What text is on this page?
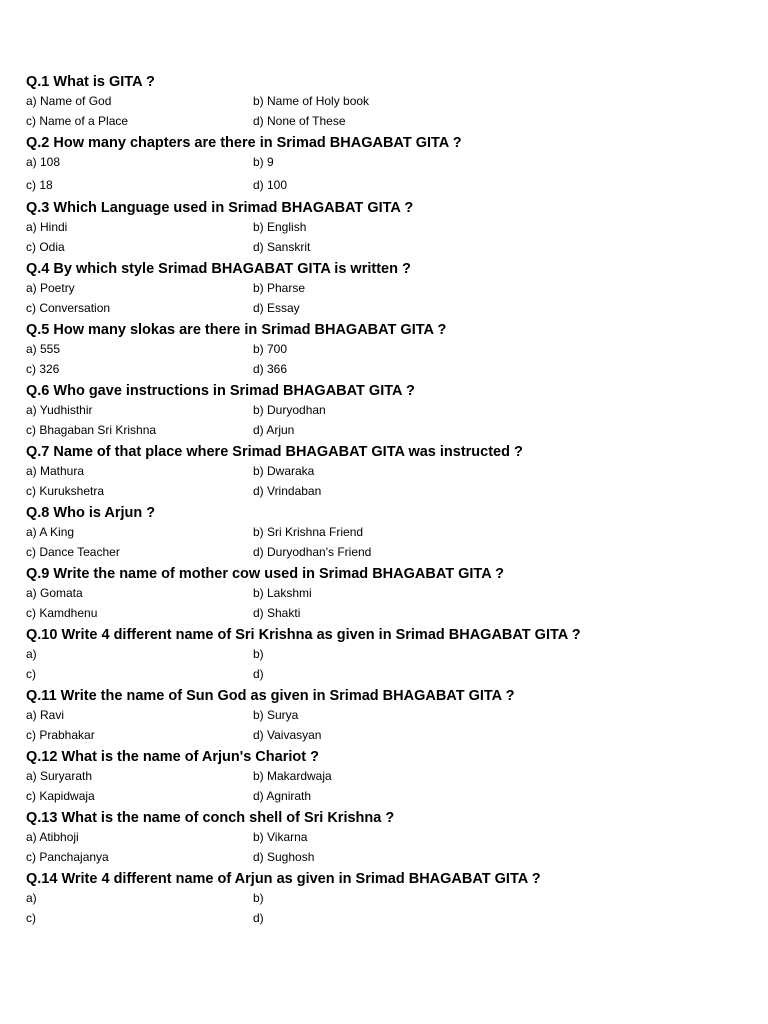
Q.1 What is GITA ?
a) Name of God	b) Name of Holy book
c) Name of a Place	d) None of These
Q.2 How many chapters are there in Srimad BHAGABAT GITA ?
a) 108	b) 9
c) 18	d) 100
Q.3 Which Language used in Srimad BHAGABAT GITA ?
a) Hindi	b) English
c) Odia	d) Sanskrit
Q.4 By which style Srimad BHAGABAT GITA is written ?
a) Poetry	b) Pharse
c) Conversation	d) Essay
Q.5 How many slokas are there in Srimad BHAGABAT GITA ?
a) 555	b) 700
c) 326	d) 366
Q.6 Who gave instructions in Srimad BHAGABAT GITA ?
a) Yudhisthir	b) Duryodhan
c) Bhagaban Sri Krishna	d) Arjun
Q.7 Name of that place where Srimad BHAGABAT GITA was instructed ?
a) Mathura	b) Dwaraka
c) Kurukshetra	d) Vrindaban
Q.8 Who is Arjun ?
a) A King	b) Sri Krishna Friend
c) Dance Teacher	d) Duryodhan's Friend
Q.9 Write the name of mother cow used in Srimad BHAGABAT GITA ?
a) Gomata	b) Lakshmi
c) Kamdhenu	d) Shakti
Q.10 Write 4 different name of Sri Krishna as given in Srimad BHAGABAT GITA ?
a)	b)
c)	d)
Q.11 Write the name of Sun God as given in Srimad BHAGABAT GITA ?
a) Ravi	b) Surya
c) Prabhakar	d) Vaivasyan
Q.12 What is the name of Arjun's Chariot ?
a) Suryarath	b) Makardwaja
c) Kapidwaja	d) Agnirath
Q.13 What is the name of conch shell of Sri Krishna ?
a) Atibhoji	b) Vikarna
c) Panchajanya	d) Sughosh
Q.14 Write 4 different name of Arjun as given in Srimad BHAGABAT GITA ?
a)	b)
c)	d)
